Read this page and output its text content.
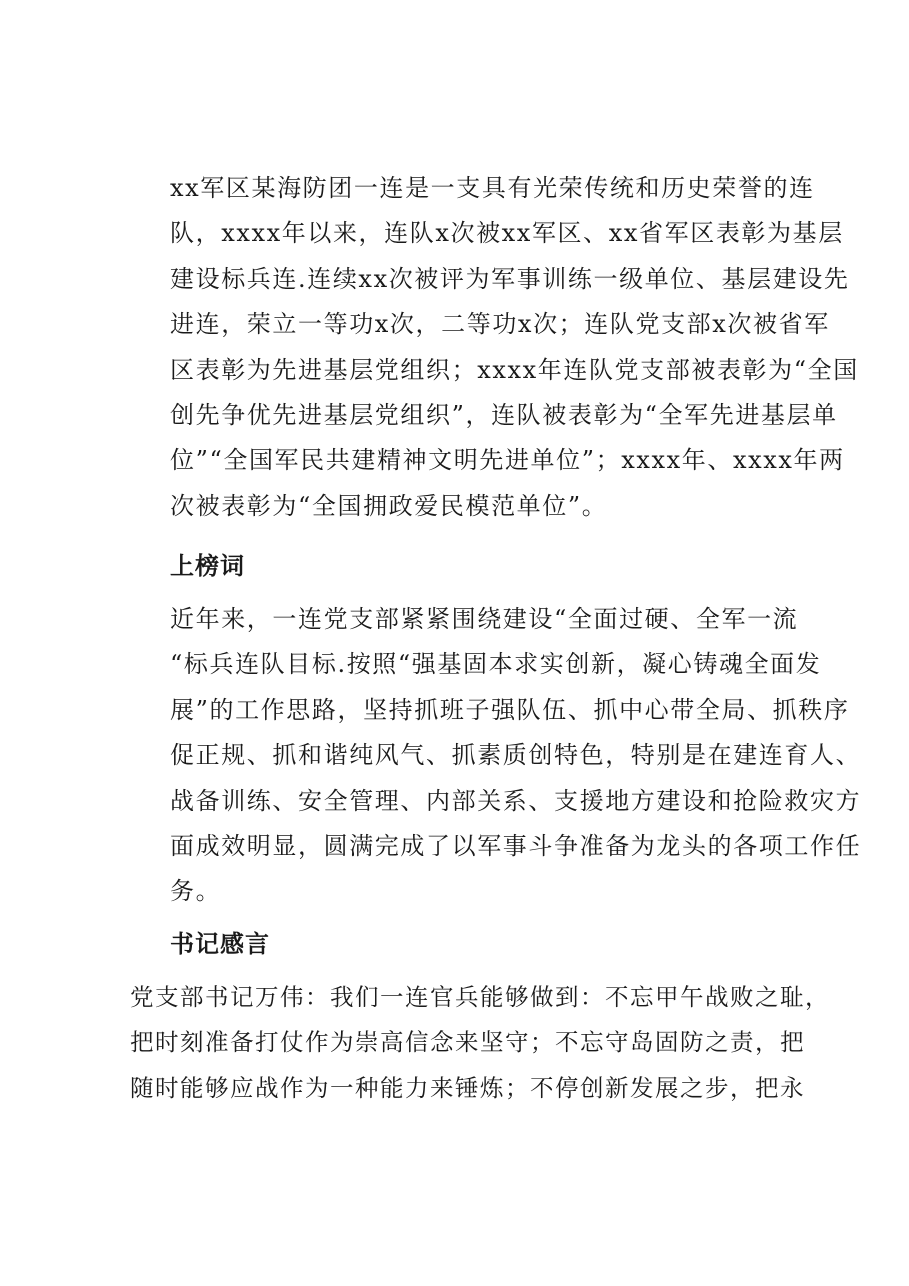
xx军区某海防团一连是一支具有光荣传统和历史荣誉的连
队，xxxx年以来，连队x次被xx军区、xx省军区表彰为基层
建设标兵连.连续xx次被评为军事训练一级单位、基层建设先
进连，荣立一等功x次，二等功x次；连队党支部x次被省军
区表彰为先进基层党组织；xxxx年连队党支部被表彰为“全国
创先争优先进基层党组织”，连队被表彰为“全军先进基层单
位”“全国军民共建精神文明先进单位”；xxxx年、xxxx年两
次被表彰为“全国拥政爱民模范单位”。
上榜词
近年来，一连党支部紧紧围绕建设“全面过硬、全军一流
“标兵连队目标.按照“强基固本求实创新，凝心铸魂全面发
展”的工作思路，坚持抓班子强队伍、抓中心带全局、抓秩序
促正规、抓和谐纯风气、抓素质创特色，特别是在建连育人、
战备训练、安全管理、内部关系、支援地方建设和抢险救灾方
面成效明显，圆满完成了以军事斗争准备为龙头的各项工作任
务。
书记感言
党支部书记万伟：我们一连官兵能够做到：不忘甲午战败之耻，
把时刻准备打仗作为崇高信念来坚守；不忘守岛固防之责，把
随时能够应战作为一种能力来锤炼；不停创新发展之步，把永
